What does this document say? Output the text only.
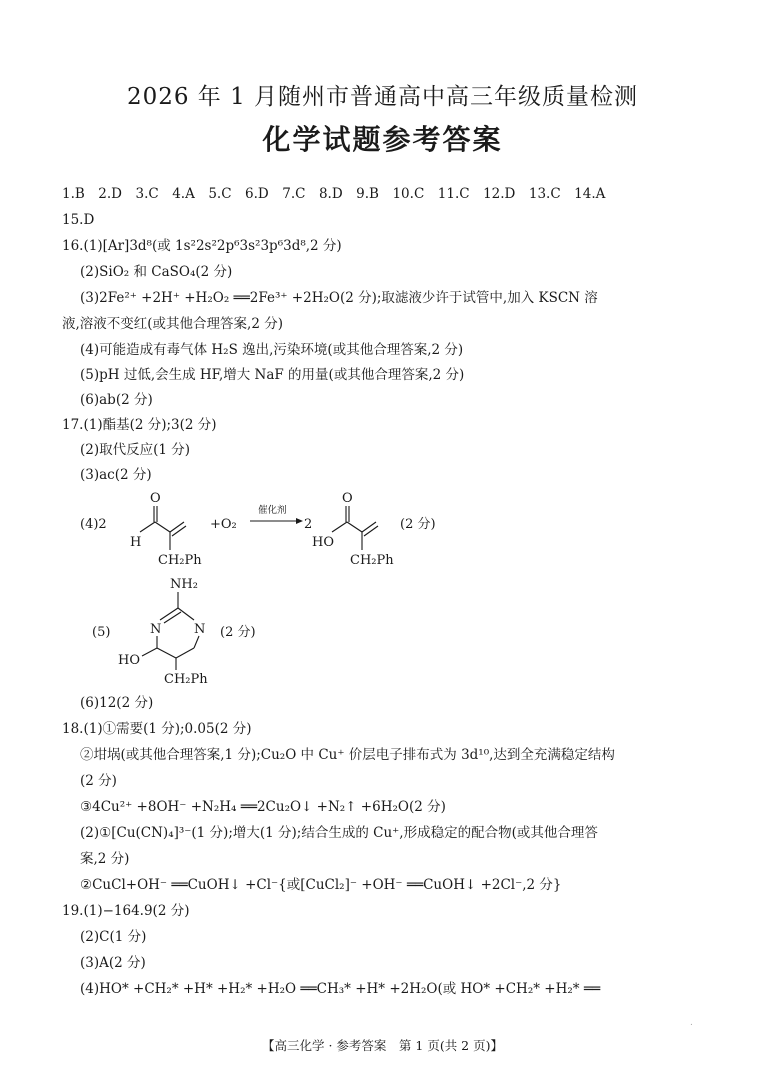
2026 年 1 月随州市普通高中高三年级质量检测
化学试题参考答案
1.B　2.D　3.C　4.A　5.C　6.D　7.C　8.D　9.B　10.C　11.C　12.D　13.C　14.A
15.D
16.(1)[Ar]3d⁸(或 1s²2s²2p⁶3s²3p⁶3d⁸,2 分)
(2)SiO₂ 和 CaSO₄(2 分)
(3)2Fe²⁺ +2H⁺ +H₂O₂ ══2Fe³⁺ +2H₂O(2 分);取滤液少许于试管中,加入 KSCN 溶
液,溶液不变红(或其他合理答案,2 分)
(4)可能造成有毒气体 H₂S 逸出,污染环境(或其他合理答案,2 分)
(5)pH 过低,会生成 HF,增大 NaF 的用量(或其他合理答案,2 分)
(6)ab(2 分)
17.(1)酯基(2 分);3(2 分)
(2)取代反应(1 分)
(3)ac(2 分)
(4)2
O
H
CH₂Ph
+O₂
催化剂
2
O
HO
CH₂Ph
(2 分)
(5)
NH₂
N
N
HO
CH₂Ph
(2 分)
(6)12(2 分)
18.(1)①需要(1 分);0.05(2 分)
②坩埚(或其他合理答案,1 分);Cu₂O 中 Cu⁺ 价层电子排布式为 3d¹⁰,达到全充满稳定结构
(2 分)
③4Cu²⁺ +8OH⁻ +N₂H₄ ══2Cu₂O↓ +N₂↑ +6H₂O(2 分)
(2)①[Cu(CN)₄]³⁻(1 分);增大(1 分);结合生成的 Cu⁺,形成稳定的配合物(或其他合理答
案,2 分)
②CuCl+OH⁻ ══CuOH↓ +Cl⁻{或[CuCl₂]⁻ +OH⁻ ══CuOH↓ +2Cl⁻,2 分}
19.(1)−164.9(2 分)
(2)C(1 分)
(3)A(2 分)
(4)HO* +CH₂* +H* +H₂* +H₂O ══CH₃* +H* +2H₂O(或 HO* +CH₂* +H₂* ══
.
【高三化学 · 参考答案　第 1 页(共 2 页)】
